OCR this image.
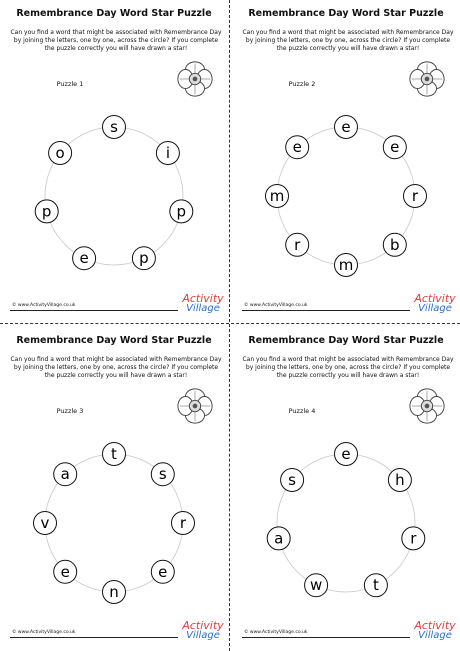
Remembrance Day Word Star Puzzle
Can you find a word that might be associated with Remembrance Day by joining the letters, one by one, across the circle? If you complete the puzzle correctly you will have drawn a star!
Puzzle 1
© www.ActivityVillage.co.uk
Activity
Village
s
i
p
p
e
p
o
Remembrance Day Word Star Puzzle
Can you find a word that might be associated with Remembrance Day by joining the letters, one by one, across the circle? If you complete the puzzle correctly you will have drawn a star!
Puzzle 2
© www.ActivityVillage.co.uk
Activity
Village
e
e
r
b
m
r
m
e
Remembrance Day Word Star Puzzle
Can you find a word that might be associated with Remembrance Day by joining the letters, one by one, across the circle? If you complete the puzzle correctly you will have drawn a star!
Puzzle 3
© www.ActivityVillage.co.uk
Activity
Village
t
s
r
e
n
e
v
a
Remembrance Day Word Star Puzzle
Can you find a word that might be associated with Remembrance Day by joining the letters, one by one, across the circle? If you complete the puzzle correctly you will have drawn a star!
Puzzle 4
© www.ActivityVillage.co.uk
Activity
Village
e
h
r
t
w
a
s
